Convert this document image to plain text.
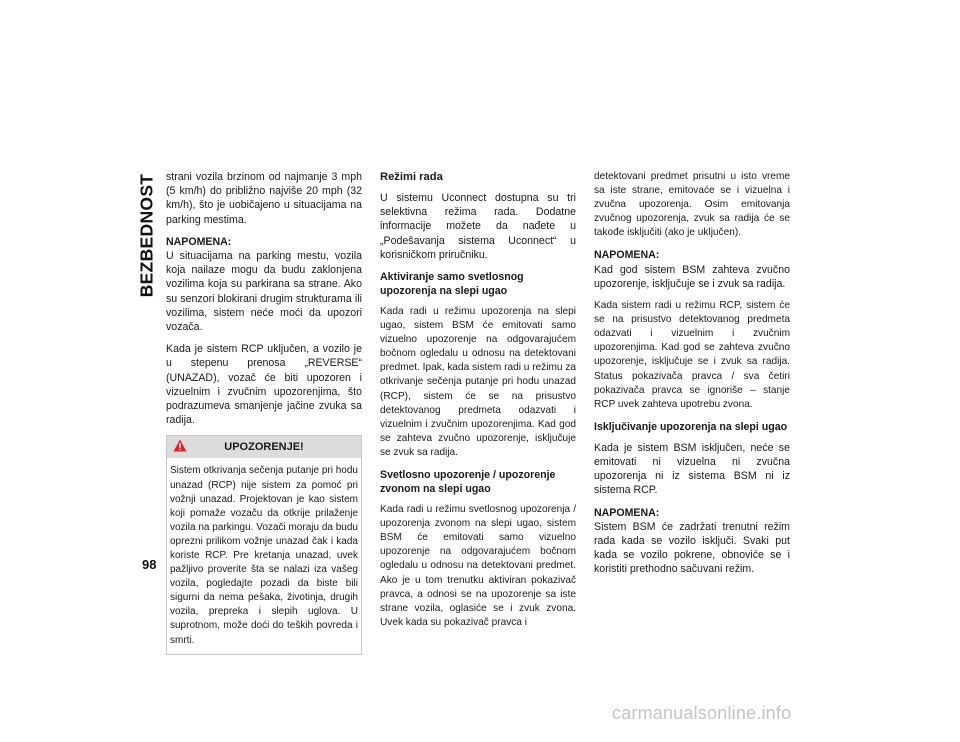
BEZBEDNOST
98

strani vozila brzinom od najmanje 3 mph (5 km/h) do približno najviše 20 mph (32 km/h), što je uobičajeno u situacijama na parking mestima.

NAPOMENA:
U situacijama na parking mestu, vozila koja nailaze mogu da budu zaklonjena vozilima koja su parkirana sa strane. Ako su senzori blokirani drugim strukturama ili vozilima, sistem neće moći da upozori vozača.

Kada je sistem RCP uključen, a vozilo je u stepenu prenosa „REVERSE“ (UNAZAD), vozač će biti upozoren i vizuelnim i zvučnim upozorenjima, što podrazumeva smanjenje jačine zvuka sa radija.

UPOZORENJE!
Sistem otkrivanja sečenja putanje pri hodu unazad (RCP) nije sistem za pomoć pri vožnji unazad. Projektovan je kao sistem koji pomaže vozaču da otkrije prilaženje vozila na parkingu. Vozači moraju da budu oprezni prilikom vožnje unazad čak i kada koriste RCP. Pre kretanja unazad, uvek pažljivo proverite šta se nalazi iza vašeg vozila, pogledajte pozadi da biste bili sigurni da nema pešaka, životinja, drugih vozila, prepreka i slepih uglova. U suprotnom, može doći do teških povreda i smrti.
Režimi rada

U sistemu Uconnect dostupna su tri selektivna režima rada. Dodatne informacije možete da nađete u „Podešavanja sistema Uconnect“ u korisničkom priručniku.

Aktiviranje samo svetlosnog upozorenja na slepi ugao

Kada radi u režimu upozorenja na slepi ugao, sistem BSM će emitovati samo vizuelno upozorenje na odgovarajućem bočnom ogledalu u odnosu na detektovani predmet. Ipak, kada sistem radi u režimu za otkrivanje sečenja putanje pri hodu unazad (RCP), sistem će se na prisustvo detektovanog predmeta odazvati i vizuelnim i zvučnim upozorenjima. Kad god se zahteva zvučno upozorenje, isključuje se zvuk sa radija.

Svetlosno upozorenje / upozorenje zvonom na slepi ugao

Kada radi u režimu svetlosnog upozorenja / upozorenja zvonom na slepi ugao, sistem BSM će emitovati samo vizuelno upozorenje na odgovarajućem bočnom ogledalu u odnosu na detektovani predmet. Ako je u tom trenutku aktiviran pokazivač pravca, a odnosi se na upozorenje sa iste strane vozila, oglasiće se i zvuk zvona. Uvek kada su pokazivač pravca i

detektovani predmet prisutni u isto vreme sa iste strane, emitovaće se i vizuelna i zvučna upozorenja. Osim emitovanja zvučnog upozorenja, zvuk sa radija će se takođe isključiti (ako je uključen).

NAPOMENA:
Kad god sistem BSM zahteva zvučno upozorenje, isključuje se i zvuk sa radija.

Kada sistem radi u režimu RCP, sistem će se na prisustvo detektovanog predmeta odazvati i vizuelnim i zvučnim upozorenjima. Kad god se zahteva zvučno upozorenje, isključuje se i zvuk sa radija. Status pokazivača pravca / sva četiri pokazivača pravca se ignoriše – stanje RCP uvek zahteva upotrebu zvona.

Isključivanje upozorenja na slepi ugao

Kada je sistem BSM isključen, neće se emitovati ni vizuelna ni zvučna upozorenja ni iz sistema BSM ni iz sistema RCP.

NAPOMENA:
Sistem BSM će zadržati trenutni režim rada kada se vozilo isključi. Svaki put kada se vozilo pokrene, obnoviće se i koristiti prethodno sačuvani režim.

carmanualsonline.info
